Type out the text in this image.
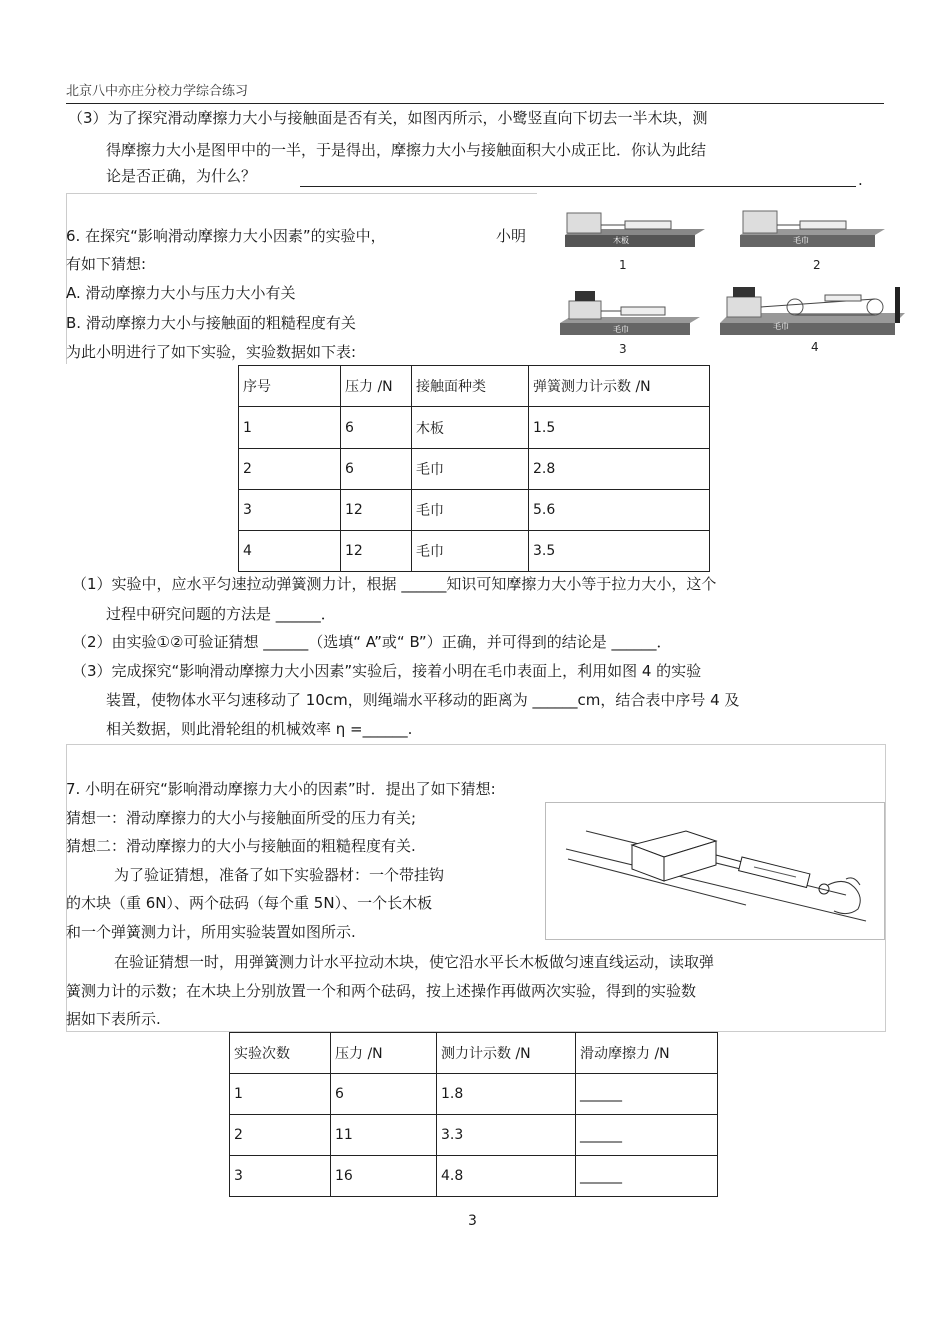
北京八中亦庄分校力学综合练习
（3）为了探究滑动摩擦力大小与接触面是否有关，如图丙所示，小鹭竖直向下切去一半木块，测
得摩擦力大小是图甲中的一半，于是得出，摩擦力大小与接触面积大小成正比．你认为此结
论是否正确，为什么？	.
6. 在探究“影响滑动摩擦力大小因素”的实验中，	小明
有如下猜想:
A. 滑动摩擦力大小与压力大小有关
B. 滑动摩擦力大小与接触面的粗糙程度有关
为此小明进行了如下实验，实验数据如下表:
木板
1
毛巾
2
毛巾
3
毛巾
4
序号	压力 /N	接触面种类	弹簧测力计示数 /N
1	6	木板	1.5
2	6	毛巾	2.8
3	12	毛巾	5.6
4	12	毛巾	3.5
（1）实验中，应水平匀速拉动弹簧测力计，根据 ______知识可知摩擦力大小等于拉力大小，这个
过程中研究问题的方法是 ______．
（2）由实验①②可验证猜想 ______（选填“ A”或“ B”）正确，并可得到的结论是 ______．
（3）完成探究“影响滑动摩擦力大小因素”实验后，接着小明在毛巾表面上，利用如图 4 的实验
装置，使物体水平匀速移动了 10cm，则绳端水平移动的距离为 ______cm，结合表中序号 4 及
相关数据，则此滑轮组的机械效率 η =______.
7. 小明在研究“影响滑动摩擦力大小的因素”时．提出了如下猜想:
猜想一：滑动摩擦力的大小与接触面所受的压力有关;
猜想二：滑动摩擦力的大小与接触面的粗糙程度有关.
为了验证猜想，准备了如下实验器材：一个带挂钩
的木块（重 6N）、两个砝码（每个重 5N）、一个长木板
和一个弹簧测力计，所用实验装置如图所示.
在验证猜想一时，用弹簧测力计水平拉动木块，使它沿水平长木板做匀速直线运动，读取弹
簧测力计的示数；在木块上分别放置一个和两个砝码，按上述操作再做两次实验，得到的实验数
据如下表所示.
实验次数	压力 /N	测力计示数 /N	滑动摩擦力 /N
1	6	1.8	______
2	11	3.3	______
3	16	4.8	______
3
